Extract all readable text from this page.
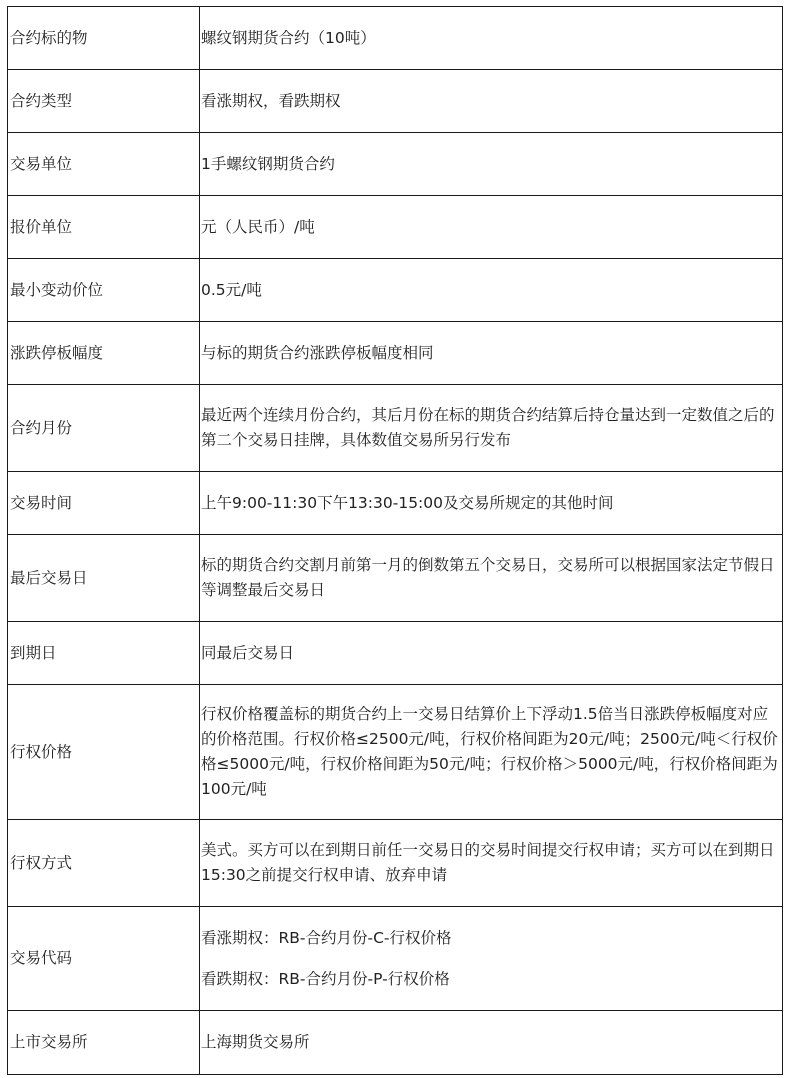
合约标的物	螺纹钢期货合约（10吨）

合约类型	看涨期权，看跌期权

交易单位	1手螺纹钢期货合约

报价单位	元（人民币）/吨

最小变动价位	0.5元/吨

涨跌停板幅度	与标的期货合约涨跌停板幅度相同

合约月份	最近两个连续月份合约，其后月份在标的期货合约结算后持仓量达到一定数值之后的第二个交易日挂牌，具体数值交易所另行发布

交易时间	上午9:00-11:30下午13:30-15:00及交易所规定的其他时间

最后交易日	标的期货合约交割月前第一月的倒数第五个交易日，交易所可以根据国家法定节假日等调整最后交易日

到期日	同最后交易日

行权价格	行权价格覆盖标的期货合约上一交易日结算价上下浮动1.5倍当日涨跌停板幅度对应的价格范围。行权价格≤2500元/吨，行权价格间距为20元/吨；2500元/吨＜行权价格≤5000元/吨，行权价格间距为50元/吨；行权价格＞5000元/吨，行权价格间距为100元/吨

行权方式	美式。买方可以在到期日前任一交易日的交易时间提交行权申请；买方可以在到期日15:30之前提交行权申请、放弃申请

交易代码	看涨期权：RB-合约月份-C-行权价格

看跌期权：RB-合约月份-P-行权价格

上市交易所	上海期货交易所
